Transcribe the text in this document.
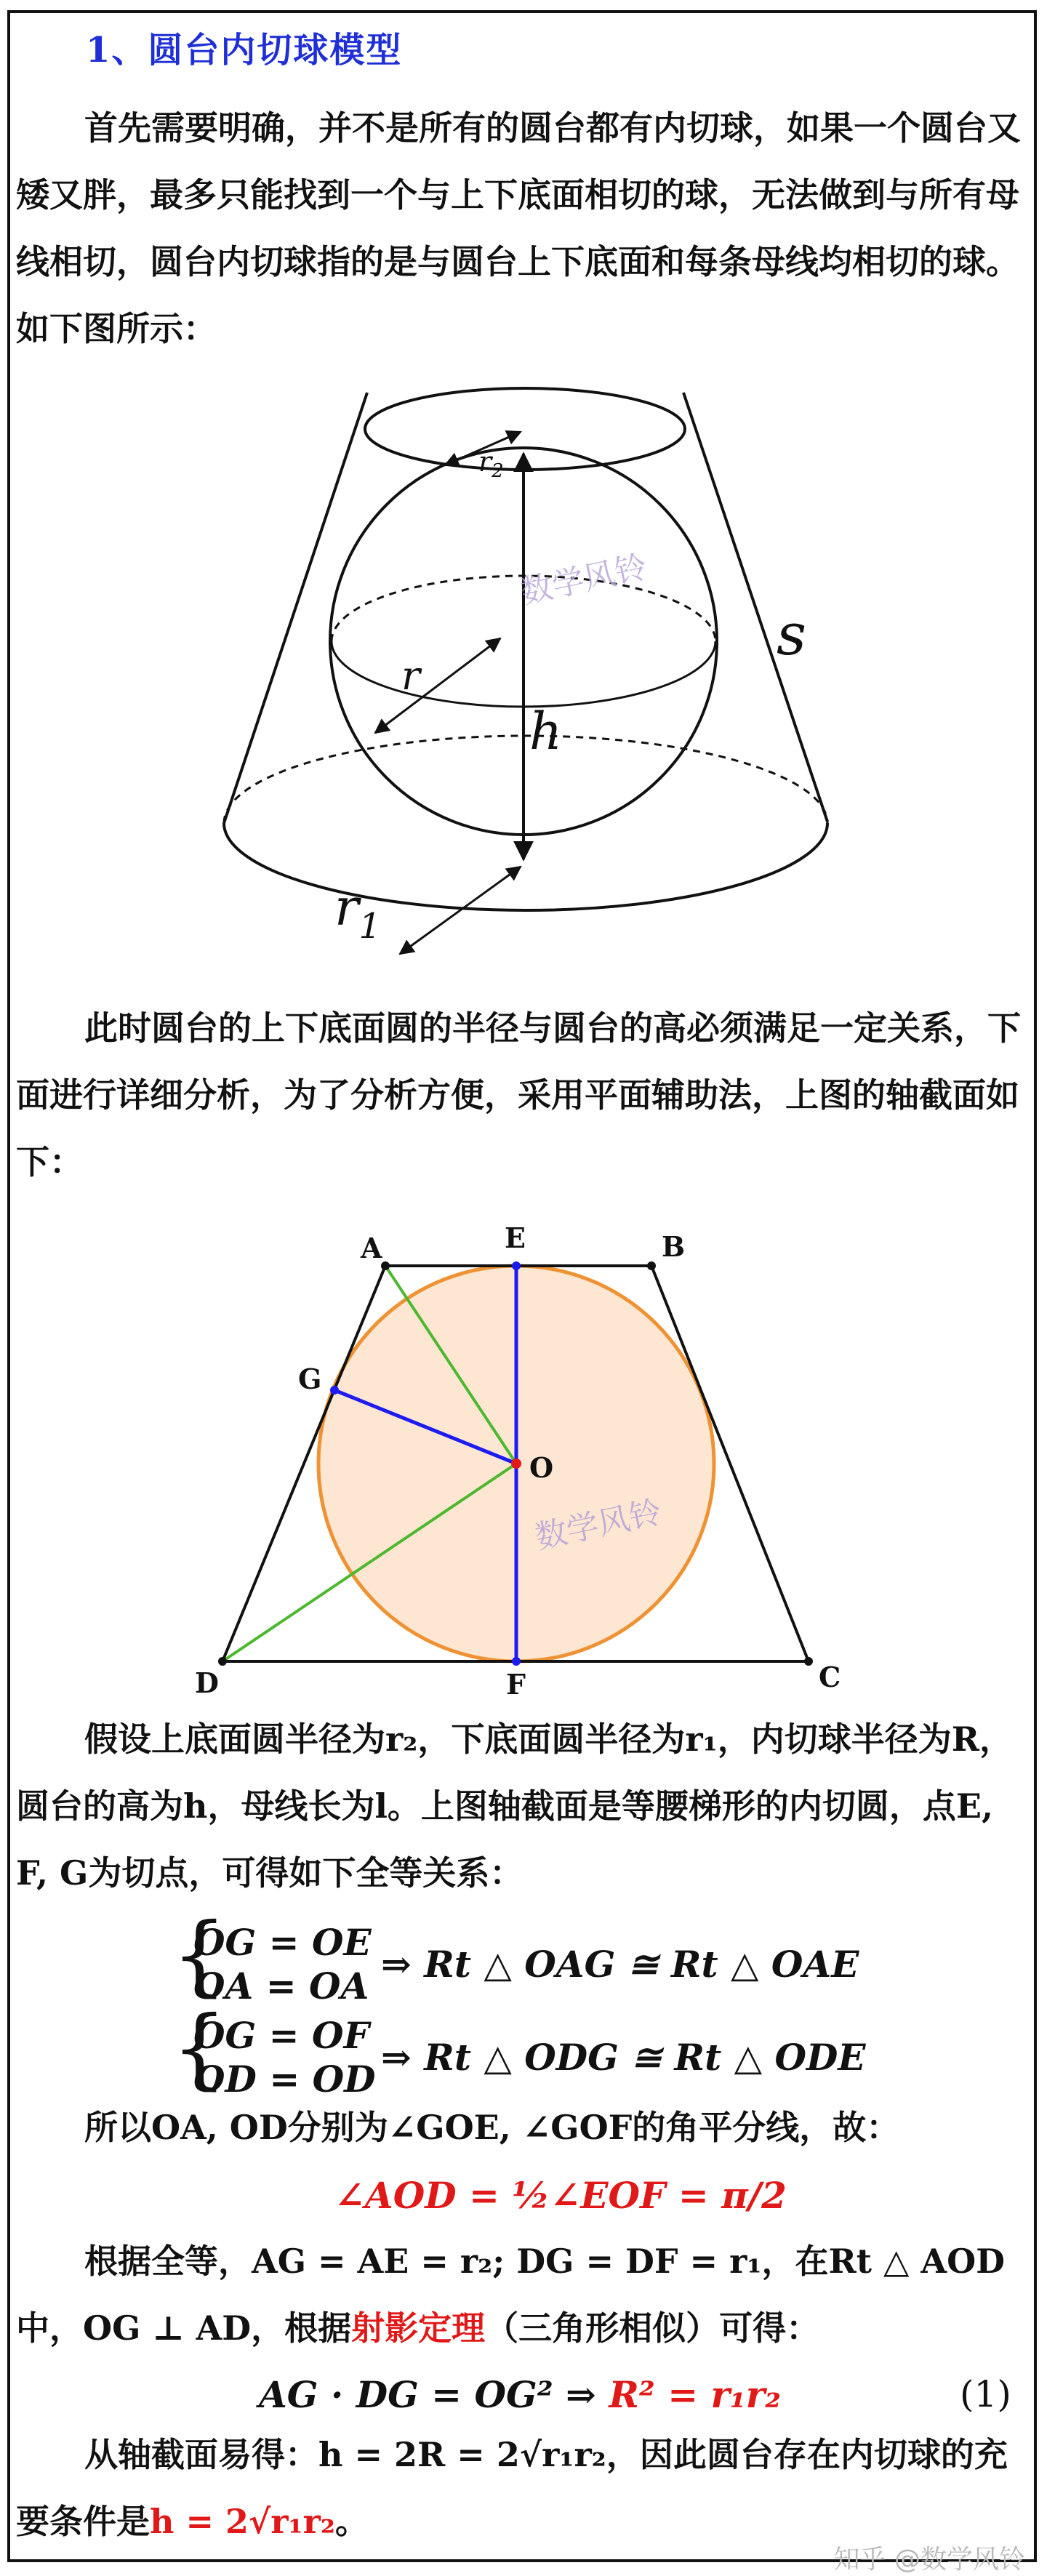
1、圆台内切球模型
首先需要明确，并不是所有的圆台都有内切球，如果一个圆台又矮又胖，最多只能找到一个与上下底面相切的球，无法做到与所有母线相切，圆台内切球指的是与圆台上下底面和每条母线均相切的球。如下图所示：
$r_2$
r
h
s
$r_1$
数学风铃
此时圆台的上下底面圆的半径与圆台的高必须满足一定关系，下面进行详细分析，为了分析方便，采用平面辅助法，上图的轴截面如下：
A	E	B
G
O
D	F	C
数学风铃
假设上底面圆半径为r₂，下底面圆半径为r₁，内切球半径为R，圆台的高为h，母线长为l。上图轴截面是等腰梯形的内切圆，点E, F, G为切点，可得如下全等关系：
{
OG = OE
OA = OA
⇒ Rt △ OAG ≅ Rt △ OAE
{
OG = OF
OD = OD
⇒ Rt △ ODG ≅ Rt △ ODE
所以OA, OD分别为∠GOE, ∠GOF的角平分线，故：
∠AOD = ½∠EOF = π/2
根据全等，AG = AE = r₂; DG = DF = r₁，在Rt △ AOD中，OG ⊥ AD，根据射影定理（三角形相似）可得：
AG · DG = OG² ⇒ R² = r₁r₂	(1)
从轴截面易得：h = 2R = 2√r₁r₂，因此圆台存在内切球的充要条件是h = 2√r₁r₂。
知乎 @数学风铃
